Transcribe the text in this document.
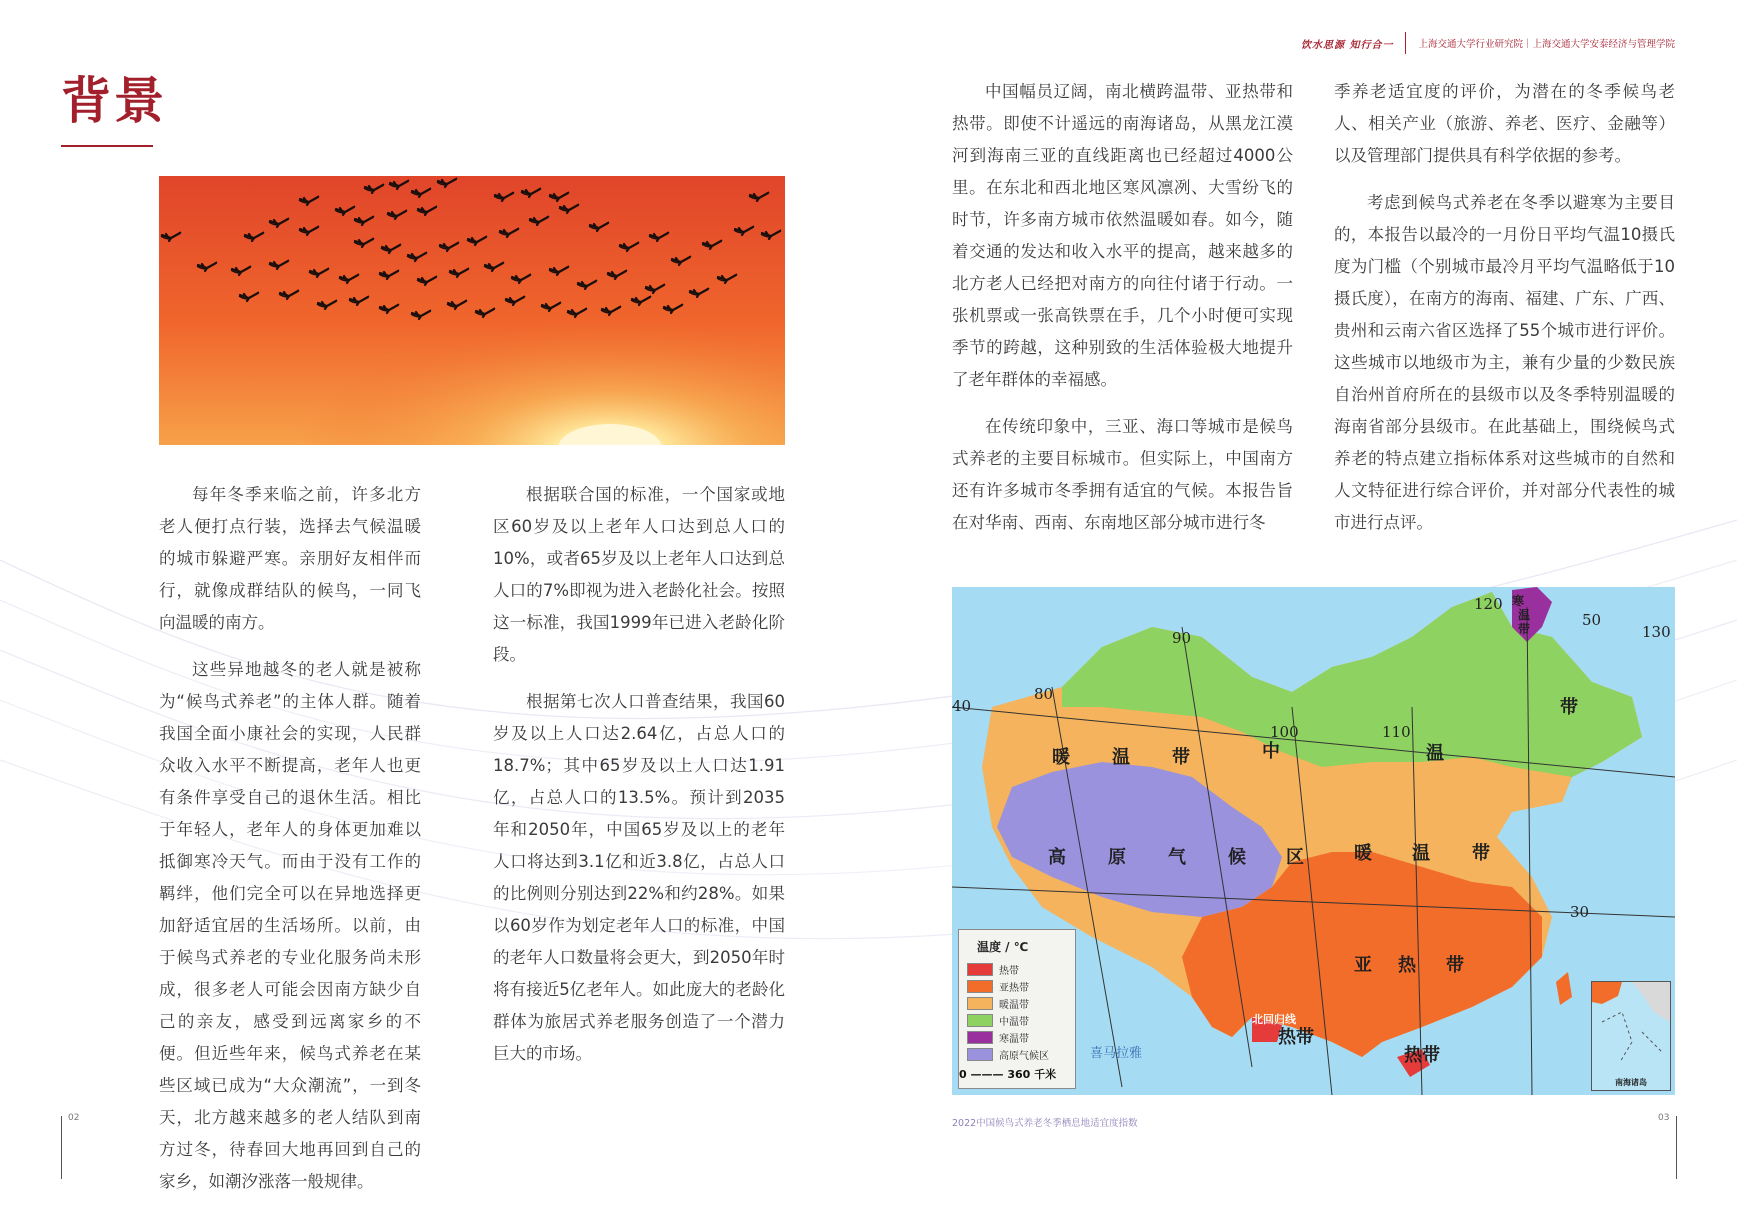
饮水思源 知行合一	上海交通大学行业研究院｜上海交通大学安泰经济与管理学院
背景

每年冬季来临之前，许多北方老人便打点行装，选择去气候温暖的城市躲避严寒。亲朋好友相伴而行，就像成群结队的候鸟，一同飞向温暖的南方。

这些异地越冬的老人就是被称为“候鸟式养老”的主体人群。随着我国全面小康社会的实现，人民群众收入水平不断提高，老年人也更有条件享受自己的退休生活。相比于年轻人，老年人的身体更加难以抵御寒冷天气。而由于没有工作的羁绊，他们完全可以在异地选择更加舒适宜居的生活场所。以前，由于候鸟式养老的专业化服务尚未形成，很多老人可能会因南方缺少自己的亲友，感受到远离家乡的不便。但近些年来，候鸟式养老在某些区域已成为“大众潮流”，一到冬天，北方越来越多的老人结队到南方过冬，待春回大地再回到自己的家乡，如潮汐涨落一般规律。

根据联合国的标准，一个国家或地区60岁及以上老年人口达到总人口的10%，或者65岁及以上老年人口达到总人口的7%即视为进入老龄化社会。按照这一标准，我国1999年已进入老龄化阶段。

根据第七次人口普查结果，我国60岁及以上人口达2.64亿，占总人口的18.7%；其中65岁及以上人口达1.91亿，占总人口的13.5%。预计到2035年和2050年，中国65岁及以上的老年人口将达到3.1亿和近3.8亿，占总人口的比例则分别达到22%和约28%。如果以60岁作为划定老年人口的标准，中国的老年人口数量将会更大，到2050年时将有接近5亿老年人。如此庞大的老龄化群体为旅居式养老服务创造了一个潜力巨大的市场。

中国幅员辽阔，南北横跨温带、亚热带和热带。即使不计遥远的南海诸岛，从黑龙江漠河到海南三亚的直线距离也已经超过4000公里。在东北和西北地区寒风凛冽、大雪纷飞的时节，许多南方城市依然温暖如春。如今，随着交通的发达和收入水平的提高，越来越多的北方老人已经把对南方的向往付诸于行动。一张机票或一张高铁票在手，几个小时便可实现季节的跨越，这种别致的生活体验极大地提升了老年群体的幸福感。

在传统印象中，三亚、海口等城市是候鸟式养老的主要目标城市。但实际上，中国南方还有许多城市冬季拥有适宜的气候。本报告旨在对华南、西南、东南地区部分城市进行冬

季养老适宜度的评价，为潜在的冬季候鸟老人、相关产业（旅游、养老、医疗、金融等）以及管理部门提供具有科学依据的参考。

考虑到候鸟式养老在冬季以避寒为主要目的，本报告以最冷的一月份日平均气温10摄氏度为门槛（个别城市最冷月平均气温略低于10摄氏度），在南方的海南、福建、广东、广西、贵州和云南六省区选择了55个城市进行评价。这些城市以地级市为主，兼有少量的少数民族自治州首府所在的县级市以及冬季特别温暖的海南省部分县级市。在此基础上，围绕候鸟式养老的特点建立指标体系对这些城市的自然和人文特征进行综合评价，并对部分代表性的城市进行点评。

90
80
40
100	110
120
130
50
30
寒
温
带
暖 温 带	中	温
带
高 原 气 候 区	暖 温 带
亚 热 带
热带
热带
北回归线
喜马拉雅
温度 / ℃
热带
亚热带
暖温带
中温带
寒温带
高原气候区
0 ——— 360 千米
南海诸岛
02	2022中国候鸟式养老冬季栖息地适宜度指数	03
